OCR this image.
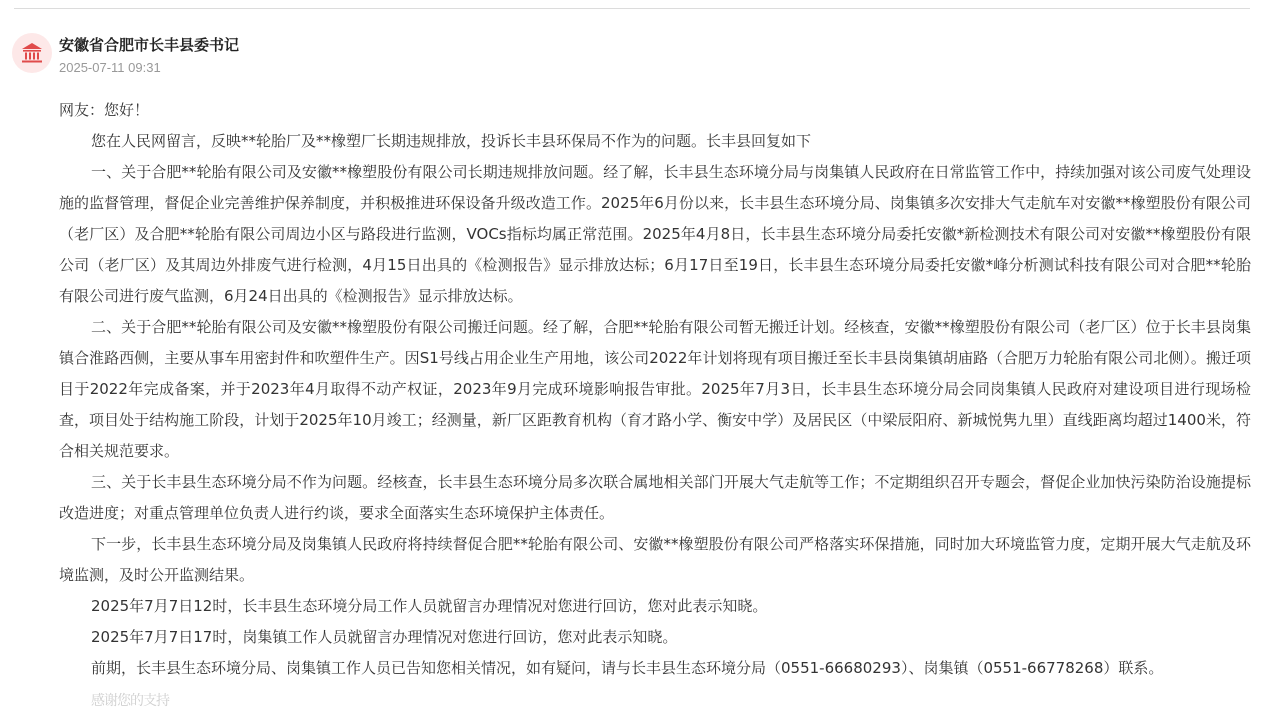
安徽省合肥市长丰县委书记
2025-07-11 09:31

网友：您好！

您在人民网留言，反映**轮胎厂及**橡塑厂长期违规排放，投诉长丰县环保局不作为的问题。长丰县回复如下

一、关于合肥**轮胎有限公司及安徽**橡塑股份有限公司长期违规排放问题。经了解，长丰县生态环境分局与岗集镇人民政府在日常监管工作中，持续加强对该公司废气处理设施的监督管理，督促企业完善维护保养制度，并积极推进环保设备升级改造工作。2025年6月份以来，长丰县生态环境分局、岗集镇多次安排大气走航车对安徽**橡塑股份有限公司（老厂区）及合肥**轮胎有限公司周边小区与路段进行监测，VOCs指标均属正常范围。2025年4月8日，长丰县生态环境分局委托安徽*新检测技术有限公司对安徽**橡塑股份有限公司（老厂区）及其周边外排废气进行检测，4月15日出具的《检测报告》显示排放达标；6月17日至19日，长丰县生态环境分局委托安徽*峰分析测试科技有限公司对合肥**轮胎有限公司进行废气监测，6月24日出具的《检测报告》显示排放达标。

二、关于合肥**轮胎有限公司及安徽**橡塑股份有限公司搬迁问题。经了解，合肥**轮胎有限公司暂无搬迁计划。经核查，安徽**橡塑股份有限公司（老厂区）位于长丰县岗集镇合淮路西侧，主要从事车用密封件和吹塑件生产。因S1号线占用企业生产用地，该公司2022年计划将现有项目搬迁至长丰县岗集镇胡庙路（合肥万力轮胎有限公司北侧）。搬迁项目于2022年完成备案，并于2023年4月取得不动产权证，2023年9月完成环境影响报告审批。2025年7月3日，长丰县生态环境分局会同岗集镇人民政府对建设项目进行现场检查，项目处于结构施工阶段，计划于2025年10月竣工；经测量，新厂区距教育机构（育才路小学、衡安中学）及居民区（中梁辰阳府、新城悦隽九里）直线距离均超过1400米，符合相关规范要求。

三、关于长丰县生态环境分局不作为问题。经核查，长丰县生态环境分局多次联合属地相关部门开展大气走航等工作；不定期组织召开专题会，督促企业加快污染防治设施提标改造进度；对重点管理单位负责人进行约谈，要求全面落实生态环境保护主体责任。

下一步，长丰县生态环境分局及岗集镇人民政府将持续督促合肥**轮胎有限公司、安徽**橡塑股份有限公司严格落实环保措施，同时加大环境监管力度，定期开展大气走航及环境监测，及时公开监测结果。

2025年7月7日12时，长丰县生态环境分局工作人员就留言办理情况对您进行回访，您对此表示知晓。

2025年7月7日17时，岗集镇工作人员就留言办理情况对您进行回访，您对此表示知晓。

前期，长丰县生态环境分局、岗集镇工作人员已告知您相关情况，如有疑问，请与长丰县生态环境分局（0551-66680293）、岗集镇（0551-66778268）联系。

感谢您的支持
